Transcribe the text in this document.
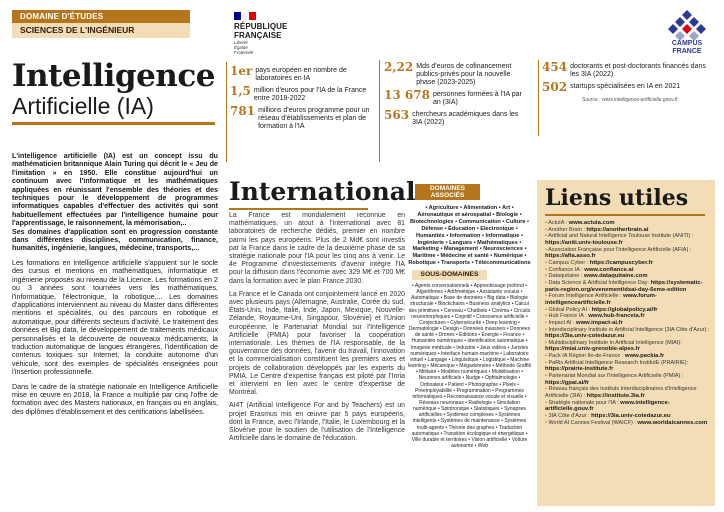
DOMAINE D'ÉTUDES
SCIENCES DE L'INGÉNIEUR
Intelligence
Artificielle (IA)
RÉPUBLIQUE
FRANÇAISE
Liberté
Égalité
Fraternité
CAMPUS
FRANCE
1er pays européen en nombre de laboratoires en IA
1,5 million d'euros pour l'IA de la France entre 2018-2022
781 millions d'euros programme pour un réseau d'établissements et plan de formation à l'IA
2,22 Mds d'euros de cofinancement publics-privés pour la nouvelle phase (2023-2025)
13 678 personnes formées à l'IA par an (3IA)
563 chercheurs académiques dans les 3IA (2022)
454 doctorants et post-doctorants financés dans les 3IA (2022)
502 startups spécialisées en IA en 2021
Source : www.intelligence-artificielle.gouv.fr

L'intelligence artificielle (IA) est un concept issu du mathématicien britannique Alain Turing qui décrit le « Jeu de l'imitation » en 1950. Elle constitue aujourd'hui un continuum avec l'informatique et les mathématiques appliquées en réunissant l'ensemble des théories et des techniques pour le développement de programmes informatiques capables d'effectuer des activités qui sont habituellement effectuées par l'intelligence humaine pour l'apprentissage, le raisonnement, la mémorisation,..

Ses domaines d'application sont en progression constante dans différentes disciplines, communication, finance, humanités, ingénierie, langues, médecine, transports,...

Les formations en intelligence artificielle s'appuient sur le socle des cursus et mentions en mathématiques, informatique et ingénierie proposés au niveau de la Licence. Les formations en 2 ou 3 années sont tournées vers les mathématiques, l'informatique, l'électronique, la robotique,... Les domaines d'applications interviennent au niveau du Master dans différentes mentions et spécialités, ou des parcours en robotique et automatique, pour différents secteurs d'activité. Le traitement des données et Big data, le développement de traitements médicaux personnalisés et la découverte de nouveaux médicaments, la traduction automatique de langues étrangères, l'identification de contenus toxiques sur Internet, la conduite autonome d'un véhicule, sont des exemples de spécialités enseignées pour l'insertion professionnelle.

Dans le cadre de la stratégie nationale en Intelligence Artificielle mise en œuvre en 2018, la France a multiplié par cinq l'offre de formation avec des Masters nationaux, en français ou en anglais, des diplômes d'établissement et des certifications labellisées.

International

La France est mondialement reconnue en mathématiques, un atout à l'international avec 81 laboratoires de recherche dédiés, premier en nombre parmi les pays européens. Plus de 2 Md€ sont investis par la France dans le cadre de la deuxième phase de sa stratégie nationale pour l'IA pour les cinq ans à venir. Le 4e Programme d'investissements d'avenir intègre l'IA pour la diffusion dans l'économie avec 329 M€ et 700 M€ dans la formation avec le plan France 2030.

La France et le Canada ont conjointement lancé en 2020 avec plusieurs pays (Allemagne, Australie, Corée du sud, États-Unis, Inde, Italie, Inde, Japon, Mexique, Nouvelle-Zélande, Royaume-Uni, Singapour, Slovénie) et l'Union européenne, le Partenariat Mondial sur l'Intelligence Artificielle (PMIA) pour favoriser la coopération internationale. Les thèmes de l'IA responsable, de la gouvernance des données, l'avenir du travail, l'innovation et la commercialisation constituent les premiers axes et projets de collaboration développés par les experts du PMIA. Le Centre d'expertise français est piloté par l'Inria et intervient en lien avec le centre d'expertise de Montréal.

AI4T (Artificial Intelligence For and by Teachers) est un projet Erasmus mis en œuvre par 5 pays européens, dont la France, avec l'Irlande, l'Italie, le Luxembourg et la Slovénie pour le soutien de l'utilisation de l'Intelligence Artificielle dans le domaine de l'éducation.

DOMAINES ASSOCIÉS
• Agriculture • Alimentation • Art • Aéronautique et aérospatial • Biologie • Biotechnologies • Communication • Culture • Défense • Éducation • Electronique • Humanités • Information • Informatique • Ingénierie • Langues • Mathématiques • Marketing • Management • Neurosciences • Maritime • Médecine et santé • Numérique • Robotique • Transports • Télécommunications
SOUS-DOMAINES
• Agents conversationnels • Apprentissage profond • Algorithmes • Arithmétique • Assistants vocaux • Automatique • Base de données • Big data • Biologie structurale • Blockchains • Business analytics • Calcul des primitives • Cerveau • Chatbots • Cinéma • Circuits neuromorphiques • Cognitif • Conscience artificielle • Conjectures • Cybersécurité • Deep learning • Dermatologie • Design • Données massives • Données de santé • Drones • Éditions • Énergie • Finance • Humanités numériques • Identification automatique • Imagerie médicale • Industrie • Jeux vidéos • Juristes numériques • Interface humain-machine • Laboratoire virtuel • Langage • Linguistique • Logistique • Machine learning • Mécanique • Mégadonnées • Méthode Graffiti • Militaire • Modèles numériques • Modélisation • Neurones artificiels • Nudge • Ophtalmologie • Ordinateur • Patient • Photographie • Pixels • Préemployabilité • Programmation • Programmes informatiques • Reconnaissance vocale et visuelle • Réseaux neuronaux • Radiologie • Simulation numérique • Spintronique • Statistiques • Synapses artificielles • Systèmes complexes • Systèmes intelligents • Systèmes de maintenance • Systèmes multi-agents • Théorie des graphes • Traduction automatique • Transition écologique et énergétique • Ville durable et territoires • Vision artificielle • Voiture autonome • Web
Liens utiles
• ActuIA : www.actuia.com
• Another Brain : https://anotherbrain.ai
• Artificial and Natural Intelligence Toulouse Institute (ANITI) : https://aniti.univ-toulouse.fr
• Association Française pour l'Intelligence Artificielle (AFIA) : https://afia.asso.fr
• Campus Cyber : https://campuscyber.fr
• Confiance IA : www.confiance.ai
• Dataquitaine : www.dataquitaine.com
• Data Science & Artificial Intelligence Day: https://systematic-paris-region.org/evenement/dsai-day-6eme-edition
• Forum Intelligence Artificielle : www.forum-intelligenceartificielle.fr
• Global Policy AI : https://globalpolicy.ai/fr
• Hub France IA : www.hub-franceia.fr
• Impact AI : www.impact-ai.fr
• Interdisciplinary Institute in Artificial Intelligence (3IA Côte d'Azur) : https://3ia.univ-cotedazur.eu
• Multidisciplinary Institute in Artificial Intelligence (MIAI): https://miai.univ-grenoble-alpes.fr
• Pack IA Région Ile-de-France : www.packia.fr
• PaRis Artificial Intelligence Research InstitutE (PRAIRIE): https://prairie-institute.fr
• Partenariat Mondial sur l'Intelligence Artificielle (PMIA) : https://gpai.ai/fr
• Réseau français des Instituts Interdisciplinaires d'Intelligence Artificielle (3IA) : https://institute.3ia.fr
• Stratégie nationale pour l'IA : www.intelligence-artificielle.gouv.fr
• 3IA Côte d'Azur : https://3ia.univ-cotedazur.eu
• World AI Cannes Festival (WAICF) : www.worldaicannes.com
